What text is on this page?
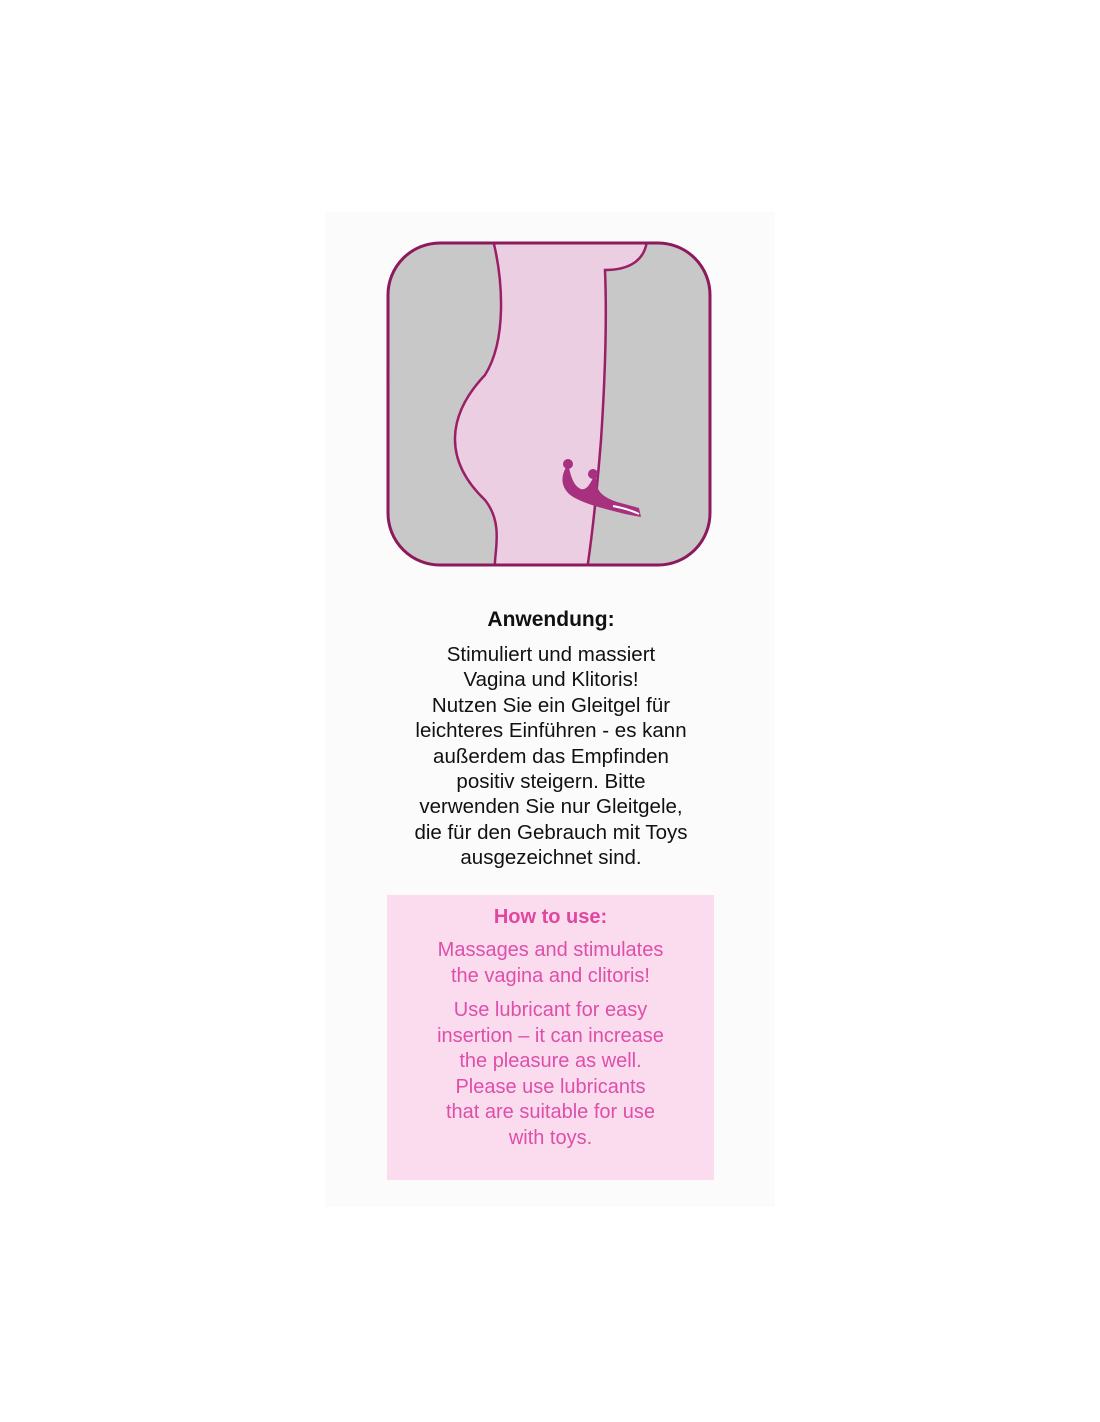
Anwendung:

Stimuliert und massiert
Vagina und Klitoris!
Nutzen Sie ein Gleitgel für
leichteres Einführen - es kann
außerdem das Empfinden
positiv steigern. Bitte
verwenden Sie nur Gleitgele,
die für den Gebrauch mit Toys
ausgezeichnet sind.

How to use:

Massages and stimulates
the vagina and clitoris!

Use lubricant for easy
insertion – it can increase
the pleasure as well.
Please use lubricants
that are suitable for use
with toys.
